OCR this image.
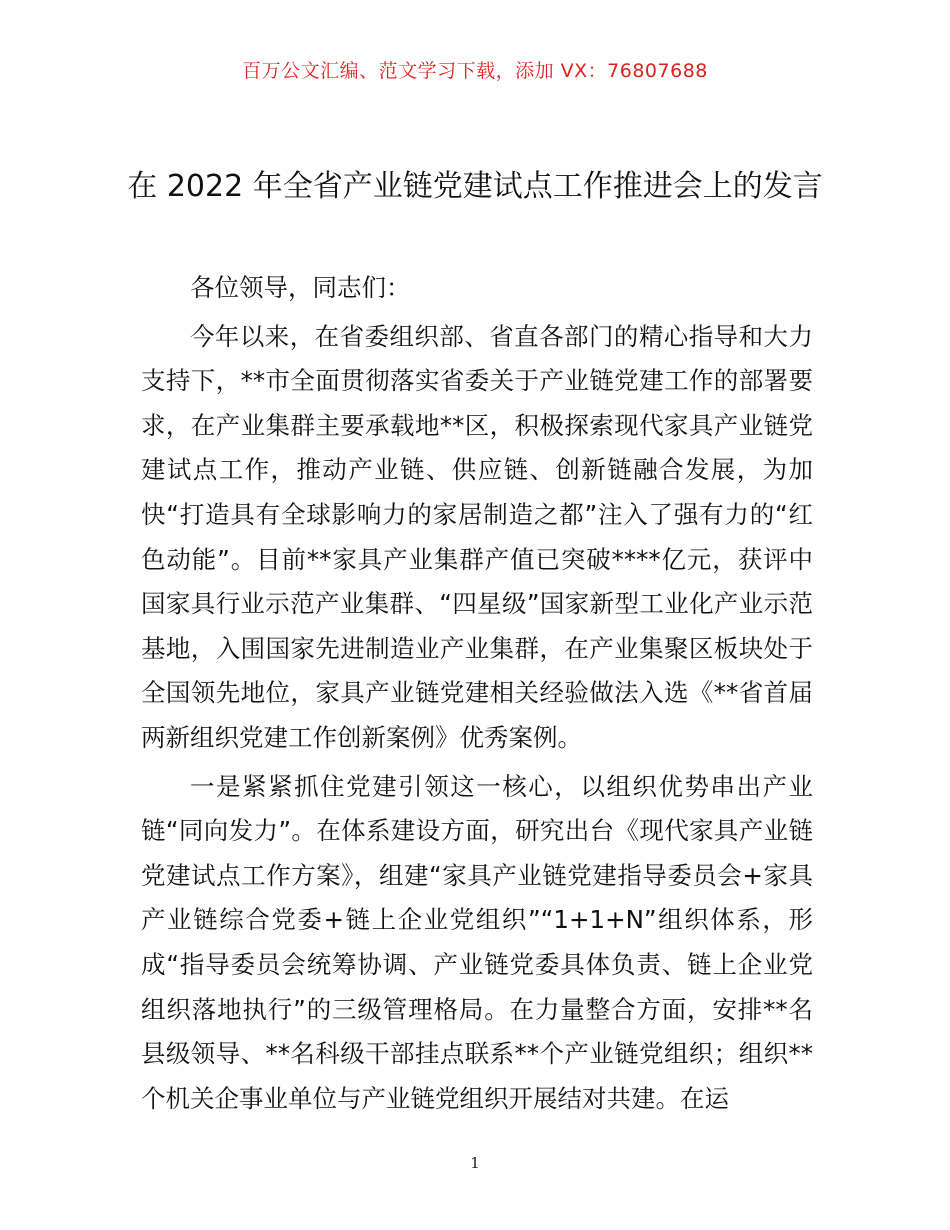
百万公文汇编、范文学习下载，添加 VX：76807688
在 2022 年全省产业链党建试点工作推进会上的发言

各位领导，同志们：

今年以来，在省委组织部、省直各部门的精心指导和大力支持下，**市全面贯彻落实省委关于产业链党建工作的部署要求，在产业集群主要承载地**区，积极探索现代家具产业链党建试点工作，推动产业链、供应链、创新链融合发展，为加快“打造具有全球影响力的家居制造之都”注入了强有力的“红色动能”。目前**家具产业集群产值已突破****亿元，获评中国家具行业示范产业集群、“四星级”国家新型工业化产业示范基地，入围国家先进制造业产业集群，在产业集聚区板块处于全国领先地位，家具产业链党建相关经验做法入选《**省首届两新组织党建工作创新案例》优秀案例。

一是紧紧抓住党建引领这一核心，以组织优势串出产业链“同向发力”。在体系建设方面，研究出台《现代家具产业链党建试点工作方案》，组建“家具产业链党建指导委员会+家具产业链综合党委+链上企业党组织”“1+1+N”组织体系，形成“指导委员会统筹协调、产业链党委具体负责、链上企业党组织落地执行”的三级管理格局。在力量整合方面，安排**名县级领导、**名科级干部挂点联系**个产业链党组织；组织**个机关企事业单位与产业链党组织开展结对共建。在运

1
